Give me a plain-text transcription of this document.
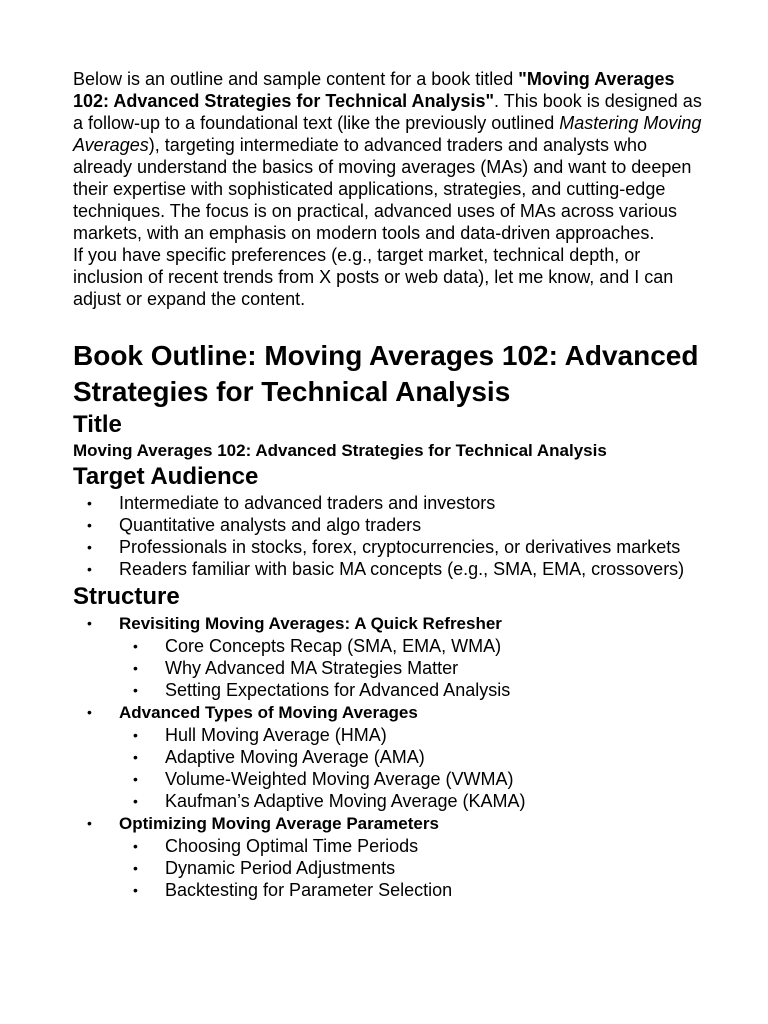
Below is an outline and sample content for a book titled "Moving Averages 102: Advanced Strategies for Technical Analysis". This book is designed as a follow-up to a foundational text (like the previously outlined Mastering Moving Averages), targeting intermediate to advanced traders and analysts who already understand the basics of moving averages (MAs) and want to deepen their expertise with sophisticated applications, strategies, and cutting-edge techniques. The focus is on practical, advanced uses of MAs across various markets, with an emphasis on modern tools and data-driven approaches.

If you have specific preferences (e.g., target market, technical depth, or inclusion of recent trends from X posts or web data), let me know, and I can adjust or expand the content.

Book Outline: Moving Averages 102: Advanced Strategies for Technical Analysis
Title

Moving Averages 102: Advanced Strategies for Technical Analysis

Target Audience
• Intermediate to advanced traders and investors
• Quantitative analysts and algo traders
• Professionals in stocks, forex, cryptocurrencies, or derivatives markets
• Readers familiar with basic MA concepts (e.g., SMA, EMA, crossovers)
Structure
• Revisiting Moving Averages: A Quick Refresher
• Core Concepts Recap (SMA, EMA, WMA)
• Why Advanced MA Strategies Matter
• Setting Expectations for Advanced Analysis
• Advanced Types of Moving Averages
• Hull Moving Average (HMA)
• Adaptive Moving Average (AMA)
• Volume-Weighted Moving Average (VWMA)
• Kaufman’s Adaptive Moving Average (KAMA)
• Optimizing Moving Average Parameters
• Choosing Optimal Time Periods
• Dynamic Period Adjustments
• Backtesting for Parameter Selection
